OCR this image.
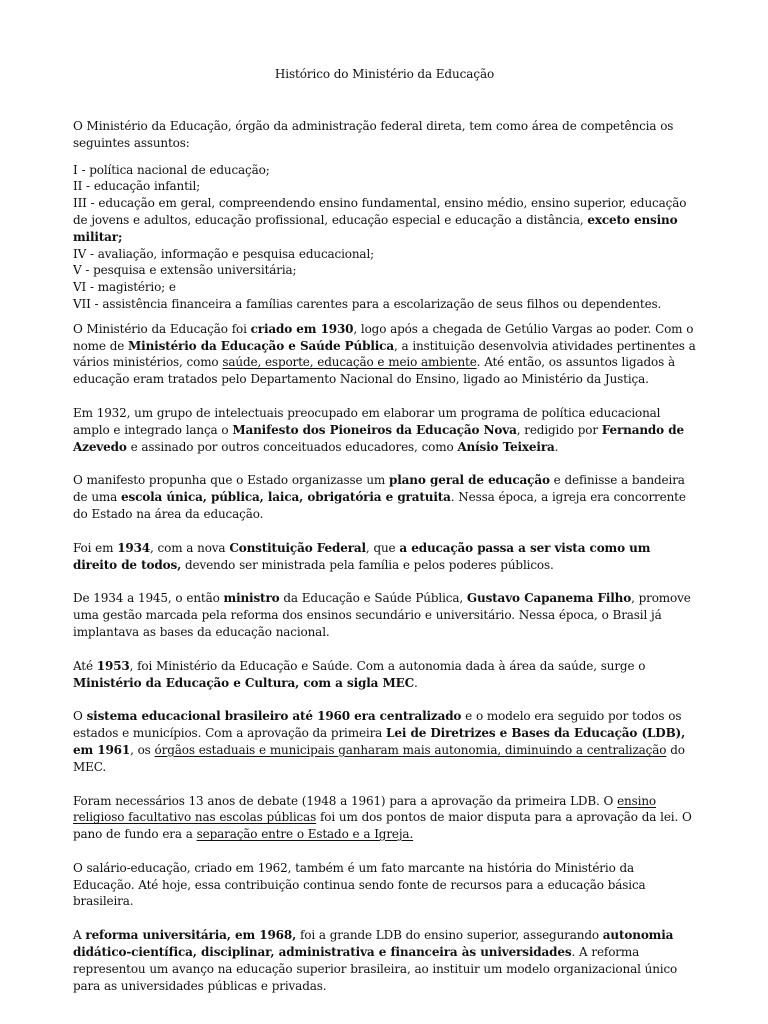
Histórico do Ministério da Educação

O Ministério da Educação, órgão da administração federal direta, tem como área de competência os seguintes assuntos:

I - política nacional de educação;

II - educação infantil;

III - educação em geral, compreendendo ensino fundamental, ensino médio, ensino superior, educação de jovens e adultos, educação profissional, educação especial e educação a distância, exceto ensino militar;

IV - avaliação, informação e pesquisa educacional;

V - pesquisa e extensão universitária;

VI - magistério; e

VII - assistência financeira a famílias carentes para a escolarização de seus filhos ou dependentes.

O Ministério da Educação foi criado em 1930, logo após a chegada de Getúlio Vargas ao poder. Com o nome de Ministério da Educação e Saúde Pública, a instituição desenvolvia atividades pertinentes a vários ministérios, como saúde, esporte, educação e meio ambiente. Até então, os assuntos ligados à educação eram tratados pelo Departamento Nacional do Ensino, ligado ao Ministério da Justiça.

Em 1932, um grupo de intelectuais preocupado em elaborar um programa de política educacional amplo e integrado lança o Manifesto dos Pioneiros da Educação Nova, redigido por Fernando de Azevedo e assinado por outros conceituados educadores, como Anísio Teixeira.

O manifesto propunha que o Estado organizasse um plano geral de educação e definisse a bandeira de uma escola única, pública, laica, obrigatória e gratuita. Nessa época, a igreja era concorrente do Estado na área da educação.

Foi em 1934, com a nova Constituição Federal, que a educação passa a ser vista como um direito de todos, devendo ser ministrada pela família e pelos poderes públicos.

De 1934 a 1945, o então ministro da Educação e Saúde Pública, Gustavo Capanema Filho, promove uma gestão marcada pela reforma dos ensinos secundário e universitário. Nessa época, o Brasil já implantava as bases da educação nacional.

Até 1953, foi Ministério da Educação e Saúde. Com a autonomia dada à área da saúde, surge o Ministério da Educação e Cultura, com a sigla MEC.

O sistema educacional brasileiro até 1960 era centralizado e o modelo era seguido por todos os estados e municípios. Com a aprovação da primeira Lei de Diretrizes e Bases da Educação (LDB), em 1961, os órgãos estaduais e municipais ganharam mais autonomia, diminuindo a centralização do MEC.

Foram necessários 13 anos de debate (1948 a 1961) para a aprovação da primeira LDB. O ensino religioso facultativo nas escolas públicas foi um dos pontos de maior disputa para a aprovação da lei. O pano de fundo era a separação entre o Estado e a Igreja.

O salário-educação, criado em 1962, também é um fato marcante na história do Ministério da Educação. Até hoje, essa contribuição continua sendo fonte de recursos para a educação básica brasileira.

A reforma universitária, em 1968, foi a grande LDB do ensino superior, assegurando autonomia didático-científica, disciplinar, administrativa e financeira às universidades. A reforma representou um avanço na educação superior brasileira, ao instituir um modelo organizacional único para as universidades públicas e privadas.
